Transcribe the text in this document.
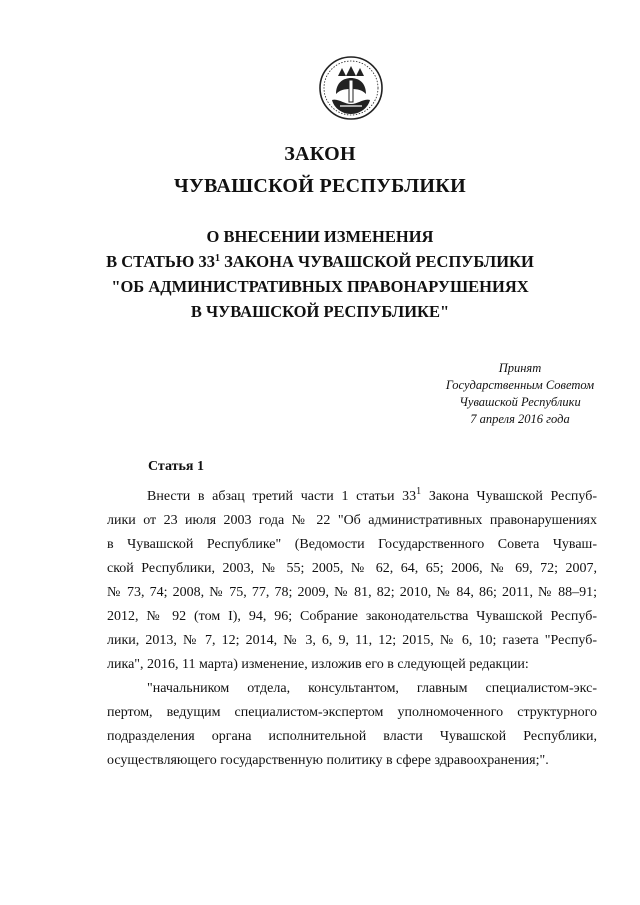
ЗАКОН
ЧУВАШСКОЙ РЕСПУБЛИКИ
О ВНЕСЕНИИ ИЗМЕНЕНИЯ
В СТАТЬЮ $33^1$ ЗАКОНА ЧУВАШСКОЙ РЕСПУБЛИКИ
"ОБ АДМИНИСТРАТИВНЫХ ПРАВОНАРУШЕНИЯХ
В ЧУВАШСКОЙ РЕСПУБЛИКЕ"
Принят
Государственным Советом
Чувашской Республики
7 апреля 2016 года
Статья 1
Внести в абзац третий части 1 статьи $33^1$ Закона Чувашской Респуб-
лики от 23 июля 2003 года № 22 "Об административных правонарушениях
в Чувашской Республике" (Ведомости Государственного Совета Чуваш-
ской Республики, 2003, № 55; 2005, № 62, 64, 65; 2006, № 69, 72; 2007,
№ 73, 74; 2008, № 75, 77, 78; 2009, № 81, 82; 2010, № 84, 86; 2011, № 88–91;
2012, № 92 (том I), 94, 96; Собрание законодательства Чувашской Респуб-
лики, 2013, № 7, 12; 2014, № 3, 6, 9, 11, 12; 2015, № 6, 10; газета "Респуб-
лика", 2016, 11 марта) изменение, изложив его в следующей редакции:
"начальником отдела, консультантом, главным специалистом-экс-
пертом, ведущим специалистом-экспертом уполномоченного структурного
подразделения органа исполнительной власти Чувашской Республики,
осуществляющего государственную политику в сфере здравоохранения;".
